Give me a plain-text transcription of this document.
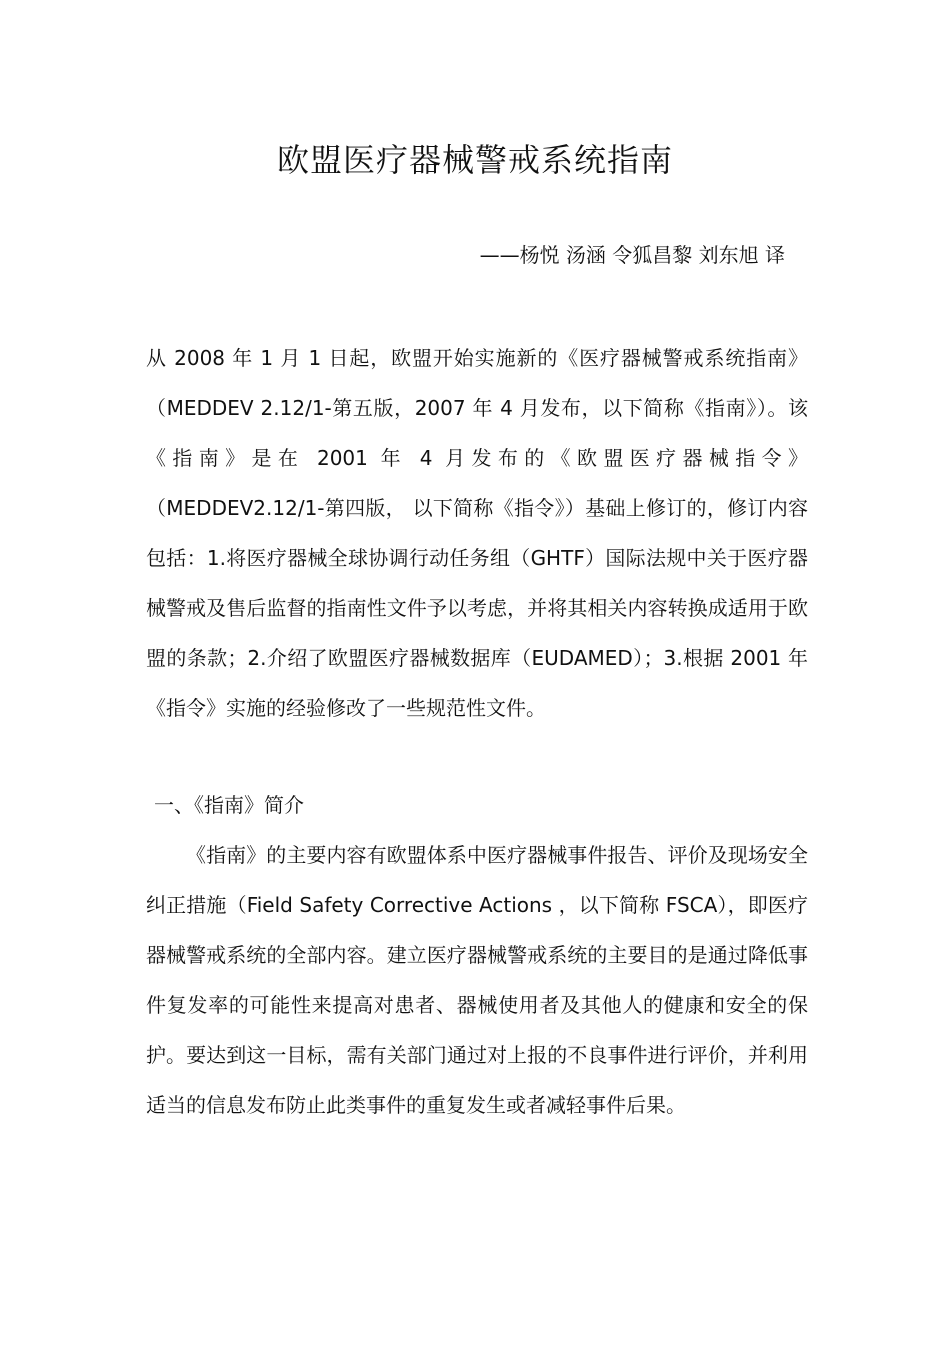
欧盟医疗器械警戒系统指南

——杨悦 汤涵 令狐昌黎 刘东旭 译

从 2008 年 1 月 1 日起，欧盟开始实施新的《医疗器械警戒系统指南》（MEDDEV 2.12/1-第五版，2007 年 4 月发布，以下简称《指南》）。该《指南》是在 2001 年 4 月发布的《欧盟医疗器械指令》（MEDDEV2.12/1-第四版， 以下简称《指令》）基础上修订的，修订内容包括：1.将医疗器械全球协调行动任务组（GHTF）国际法规中关于医疗器械警戒及售后监督的指南性文件予以考虑，并将其相关内容转换成适用于欧盟的条款；2.介绍了欧盟医疗器械数据库（EUDAMED）；3.根据 2001 年《指令》实施的经验修改了一些规范性文件。

一、《指南》简介

《指南》的主要内容有欧盟体系中医疗器械事件报告、评价及现场安全纠正措施（Field Safety Corrective Actions ，以下简称 FSCA），即医疗器械警戒系统的全部内容。建立医疗器械警戒系统的主要目的是通过降低事件复发率的可能性来提高对患者、器械使用者及其他人的健康和安全的保护。要达到这一目标，需有关部门通过对上报的不良事件进行评价，并利用适当的信息发布防止此类事件的重复发生或者减轻事件后果。
